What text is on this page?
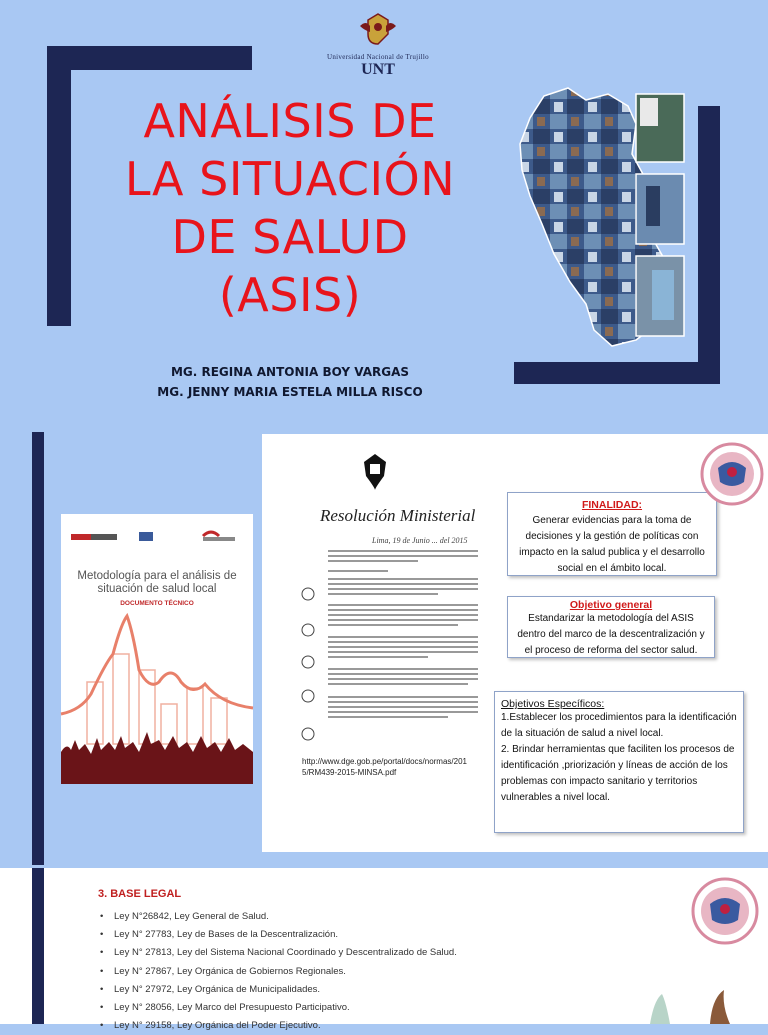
Universidad Nacional de Trujillo
UNT
ANÁLISIS DE
LA SITUACIÓN
DE SALUD
(ASIS)
MG. REGINA ANTONIA BOY VARGAS
MG. JENNY MARIA ESTELA MILLA RISCO
Metodología para el análisis de situación de salud local
DOCUMENTO TÉCNICO
Resolución Ministerial
Lima, 19 de Junio ... del 2015
http://www.dge.gob.pe/portal/docs/normas/2015/RM439-2015-MINSA.pdf
FINALIDAD:
Generar evidencias para la toma de decisiones y la gestión de políticas con impacto en la salud publica y el desarrollo social en el ámbito local.
Objetivo general
Estandarizar la metodología del ASIS dentro del marco de la descentralización y el proceso de reforma del sector salud.
Objetivos Específicos:
1.Establecer los procedimientos para la identificación de la situación de salud a nivel local.
2. Brindar herramientas que faciliten los procesos de identificación ,priorización y líneas de acción de los problemas con impacto sanitario y territorios vulnerables a nivel local.
3. BASE LEGAL
• Ley N°26842, Ley General de Salud.
• Ley N° 27783, Ley de Bases de la Descentralización.
• Ley N° 27813, Ley del Sistema Nacional Coordinado y Descentralizado de Salud.
• Ley N° 27867, Ley Orgánica de Gobiernos Regionales.
• Ley N° 27972, Ley Orgánica de Municipalidades.
• Ley N° 28056, Ley Marco del Presupuesto Participativo.
• Ley N° 29158, Ley Orgánica del Poder Ejecutivo.
